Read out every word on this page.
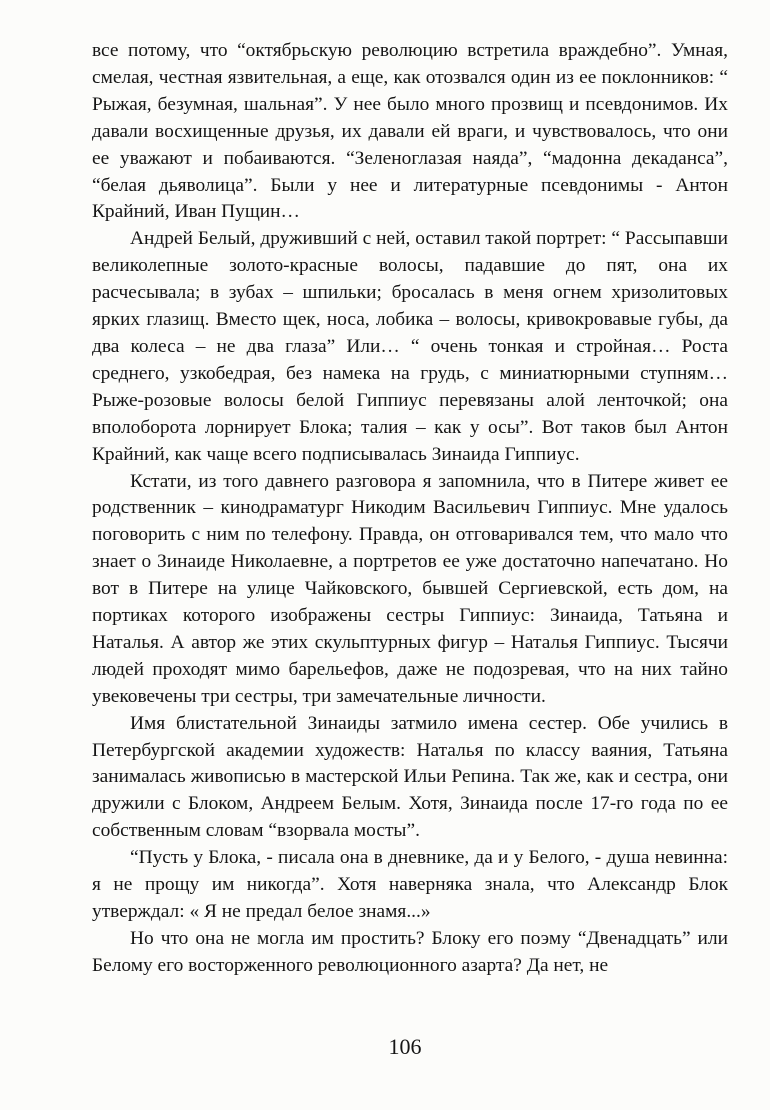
все потому, что “октябрьскую революцию встретила враждебно”. Умная, смелая, честная язвительная, а еще, как отозвался один из ее поклонников: “ Рыжая, безумная, шальная”. У нее было много прозвищ и псевдонимов. Их давали восхищенные друзья, их давали ей враги, и чувствовалось, что они ее уважают и побаиваются. “Зеленоглазая наяда”, “мадонна декаданса”, “белая дьяволица”. Были у нее и литературные псевдонимы - Антон Крайний, Иван Пущин…

Андрей Белый, друживший с ней, оставил такой портрет: “ Рассыпавши великолепные золото-красные волосы, падавшие до пят, она их расчесывала; в зубах – шпильки; бросалась в меня огнем хризолитовых ярких глазищ. Вместо щек, носа, лобика – волосы, кривокровавые губы, да два колеса – не два глаза” Или… “ очень тонкая и стройная… Роста среднего, узкобедрая, без намека на грудь, с миниатюрными ступням… Рыже-розовые волосы белой Гиппиус перевязаны алой ленточкой; она вполоборота лорнирует Блока; талия – как у осы”. Вот таков был Антон Крайний, как чаще всего подписывалась Зинаида Гиппиус.

Кстати, из того давнего разговора я запомнила, что в Питере живет ее родственник – кинодраматург Никодим Васильевич Гиппиус. Мне удалось поговорить с ним по телефону. Правда, он отговаривался тем, что мало что знает о Зинаиде Николаевне, а портретов ее уже достаточно напечатано. Но вот в Питере на улице Чайковского, бывшей Сергиевской, есть дом, на портиках которого изображены сестры Гиппиус: Зинаида, Татьяна и Наталья. А автор же этих скульптурных фигур – Наталья Гиппиус. Тысячи людей проходят мимо барельефов, даже не подозревая, что на них тайно увековечены три сестры, три замечательные личности.

Имя блистательной Зинаиды затмило имена сестер. Обе учились в Петербургской академии художеств: Наталья по классу ваяния, Татьяна занималась живописью в мастерской Ильи Репина. Так же, как и сестра, они дружили с Блоком, Андреем Белым. Хотя, Зинаида после 17-го года по ее собственным словам “взорвала мосты”.

“Пусть у Блока, - писала она в дневнике, да и у Белого, - душа невинна: я не прощу им никогда”. Хотя наверняка знала, что Александр Блок утверждал: « Я не предал белое знамя...»

Но что она не могла им простить? Блоку его поэму “Двенадцать” или Белому его восторженного революционного азарта? Да нет, не

106
